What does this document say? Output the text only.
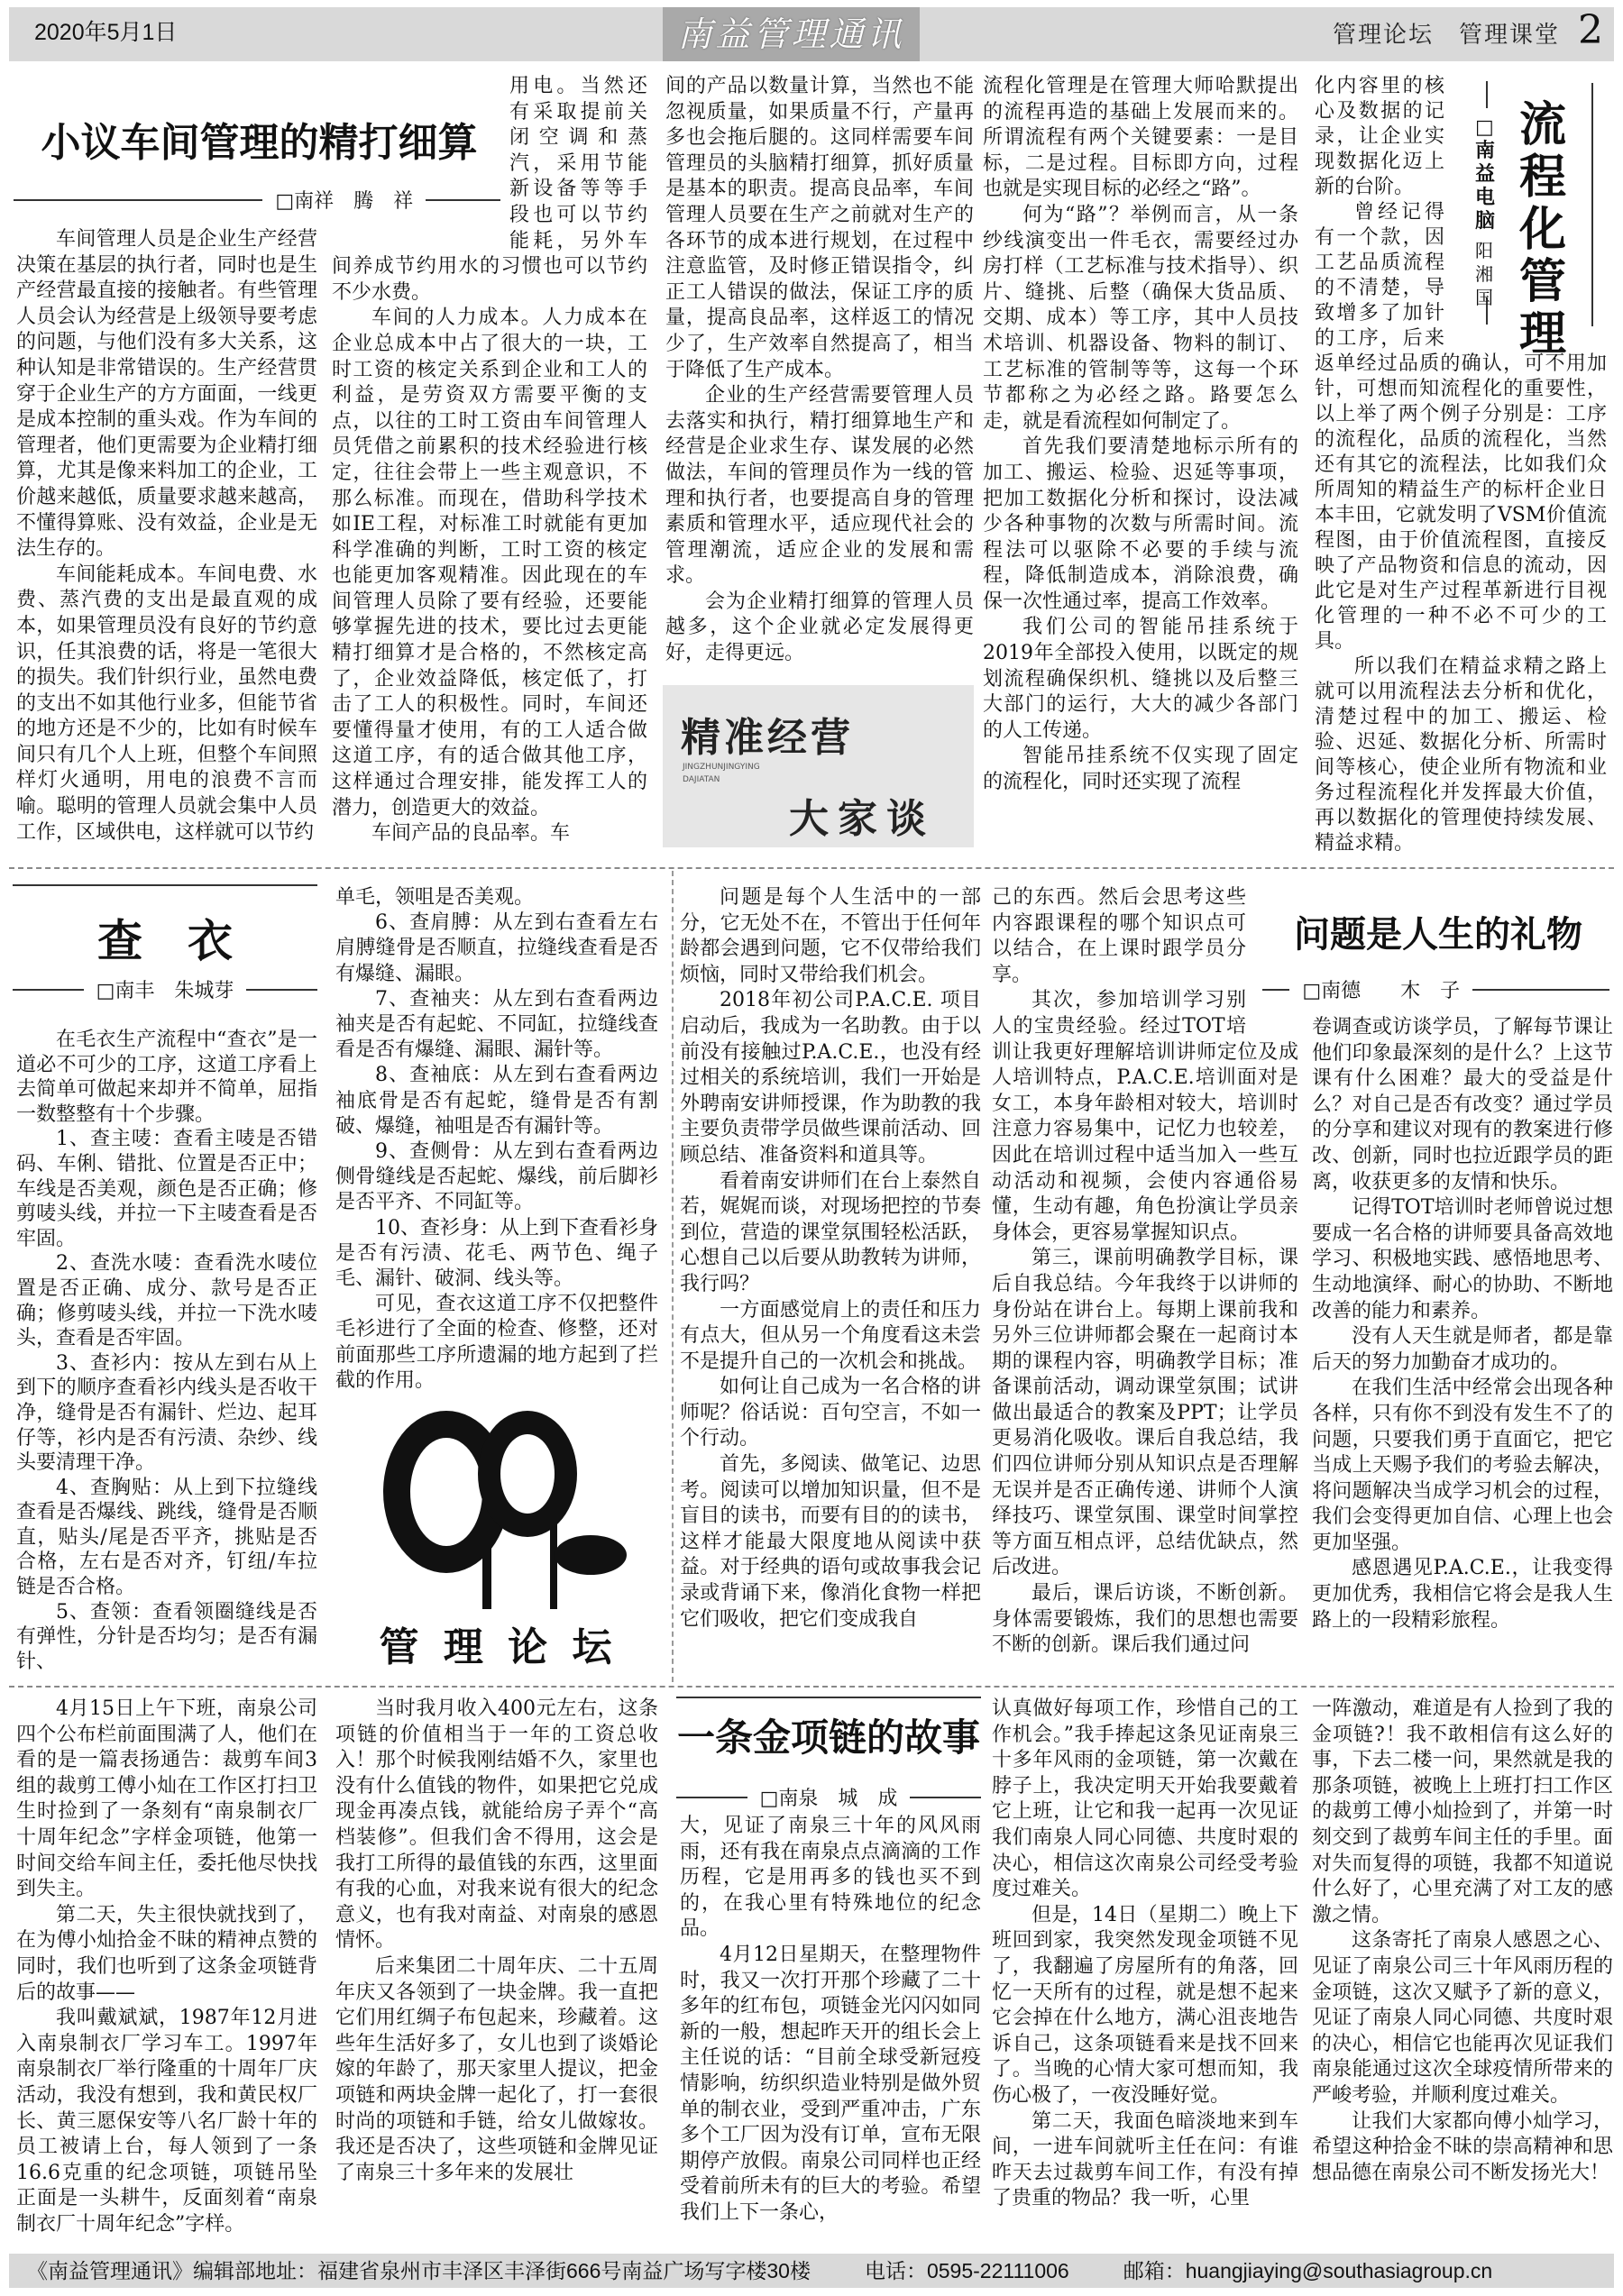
2020年5月1日	南益管理通讯	管理论坛　管理课堂 2
小议车间管理的精打细算
□南祥　腾　祥

车间管理人员是企业生产经营决策在基层的执行者，同时也是生产经营最直接的接触者。有些管理人员会认为经营是上级领导要考虑的问题，与他们没有多大关系，这种认知是非常错误的。生产经营贯穿于企业生产的方方面面，一线更是成本控制的重头戏。作为车间的管理者，他们更需要为企业精打细算，尤其是像来料加工的企业，工价越来越低，质量要求越来越高，不懂得算账、没有效益，企业是无法生存的。

车间能耗成本。车间电费、水费、蒸汽费的支出是最直观的成本，如果管理员没有良好的节约意识，任其浪费的话，将是一笔很大的损失。我们针织行业，虽然电费的支出不如其他行业多，但能节省的地方还是不少的，比如有时候车间只有几个人上班，但整个车间照样灯火通明，用电的浪费不言而喻。聪明的管理人员就会集中人员工作，区域供电，这样就可以节约

用电。当然还有采取提前关闭空调和蒸汽，采用节能新设备等等手段也可以节约能耗，另外车间养成节约用水的习惯也可以节约不少水费。

车间的人力成本。人力成本在企业总成本中占了很大的一块，工时工资的核定关系到企业和工人的利益，是劳资双方需要平衡的支点，以往的工时工资由车间管理人员凭借之前累积的技术经验进行核定，往往会带上一些主观意识，不那么标准。而现在，借助科学技术如IE工程，对标准工时就能有更加科学准确的判断，工时工资的核定也能更加客观精准。因此现在的车间管理人员除了要有经验，还要能够掌握先进的技术，要比过去更能精打细算才是合格的，不然核定高了，企业效益降低，核定低了，打击了工人的积极性。同时，车间还要懂得量才使用，有的工人适合做这道工序，有的适合做其他工序，这样通过合理安排，能发挥工人的潜力，创造更大的效益。

车间产品的良品率。车

间的产品以数量计算，当然也不能忽视质量，如果质量不行，产量再多也会拖后腿的。这同样需要车间管理员的头脑精打细算，抓好质量是基本的职责。提高良品率，车间管理人员要在生产之前就对生产的各环节的成本进行规划，在过程中注意监管，及时修正错误指令，纠正工人错误的做法，保证工序的质量，提高良品率，这样返工的情况少了，生产效率自然提高了，相当于降低了生产成本。

企业的生产经营需要管理人员去落实和执行，精打细算地生产和经营是企业求生存、谋发展的必然做法，车间的管理员作为一线的管理和执行者，也要提高自身的管理素质和管理水平，适应现代社会的管理潮流，适应企业的发展和需求。

会为企业精打细算的管理人员越多，这个企业就必定发展得更好，走得更远。

精准经营
JINGZHUNJINGYING
DAJIATAN
大家谈

流程化管理是在管理大师哈默提出的流程再造的基础上发展而来的。所谓流程有两个关键要素：一是目标，二是过程。目标即方向，过程也就是实现目标的必经之“路”。

何为“路”？举例而言，从一条纱线演变出一件毛衣，需要经过办房打样（工艺标准与技术指导）、织片、缝挑、后整（确保大货品质、交期、成本）等工序，其中人员技术培训、机器设备、物料的制订、工艺标准的管制等等，这每一个环节都称之为必经之路。路要怎么走，就是看流程如何制定了。

首先我们要清楚地标示所有的加工、搬运、检验、迟延等事项，把加工数据化分析和探讨，设法减少各种事物的次数与所需时间。流程法可以驱除不必要的手续与流程，降低制造成本，消除浪费，确保一次性通过率，提高工作效率。

我们公司的智能吊挂系统于2019年全部投入使用，以既定的规划流程确保织机、缝挑以及后整三大部门的运行，大大的减少各部门的人工传递。

智能吊挂系统不仅实现了固定的流程化，同时还实现了流程

化内容里的核心及数据的记录，让企业实现数据化迈上新的台阶。

曾经记得有一个款，因工艺品质流程的不清楚，导致增多了加针的工序，后来返单经过品质的确认，可不用加针，可想而知流程化的重要性，以上举了两个例子分别是：工序的流程化，品质的流程化，当然还有其它的流程法，比如我们众所周知的精益生产的标杆企业日本丰田，它就发明了VSM价值流程图，由于价值流程图，直接反映了产品物资和信息的流动，因此它是对生产过程革新进行目视化管理的一种不必不可少的工具。

所以我们在精益求精之路上就可以用流程法去分析和优化，清楚过程中的加工、搬运、检验、迟延、数据化分析、所需时间等核心，使企业所有物流和业务过程流程化并发挥最大价值，再以数据化的管理使持续发展、精益求精。

□南益电脑
阳湘国
流程化管理
查　衣
□南丰　朱城芽

在毛衣生产流程中“查衣”是一道必不可少的工序，这道工序看上去简单可做起来却并不简单，屈指一数整整有十个步骤。

1、查主唛：查看主唛是否错码、车俐、错批、位置是否正中；车线是否美观，颜色是否正确；修剪唛头线，并拉一下主唛查看是否牢固。

2、查洗水唛：查看洗水唛位置是否正确、成分、款号是否正确；修剪唛头线，并拉一下洗水唛头，查看是否牢固。

3、查衫内：按从左到右从上到下的顺序查看衫内线头是否收干净，缝骨是否有漏针、烂边、起耳仔等，衫内是否有污渍、杂纱、线头要清理干净。

4、查胸贴：从上到下拉缝线查看是否爆线、跳线，缝骨是否顺直，贴头/尾是否平齐，挑贴是否合格，左右是否对齐，钉纽/车拉链是否合格。

5、查领：查看领圈缝线是否有弹性，分针是否均匀；是否有漏针、

单毛，领咀是否美观。

6、查肩膊：从左到右查看左右肩膊缝骨是否顺直，拉缝线查看是否有爆缝、漏眼。

7、查袖夹：从左到右查看两边袖夹是否有起蛇、不同缸，拉缝线查看是否有爆缝、漏眼、漏针等。

8、查袖底：从左到右查看两边袖底骨是否有起蛇，缝骨是否有割破、爆缝，袖咀是否有漏针等。

9、查侧骨：从左到右查看两边侧骨缝线是否起蛇、爆线，前后脚衫是否平齐、不同缸等。

10、查衫身：从上到下查看衫身是否有污渍、花毛、两节色、绳子毛、漏针、破洞、线头等。

可见，查衣这道工序不仅把整件毛衫进行了全面的检查、修整，还对前面那些工序所遗漏的地方起到了拦截的作用。

管 理 论 坛

问题是每个人生活中的一部分，它无处不在，不管出于任何年龄都会遇到问题，它不仅带给我们烦恼，同时又带给我们机会。

2018年初公司P.A.C.E. 项目启动后，我成为一名助教。由于以前没有接触过P.A.C.E.，也没有经过相关的系统培训，我们一开始是外聘南安讲师授课，作为助教的我主要负责带学员做些课前活动、回顾总结、准备资料和道具等。

看着南安讲师们在台上泰然自若，娓娓而谈，对现场把控的节奏到位，营造的课堂氛围轻松活跃，心想自己以后要从助教转为讲师，我行吗？

一方面感觉肩上的责任和压力有点大，但从另一个角度看这未尝不是提升自己的一次机会和挑战。

如何让自己成为一名合格的讲师呢？俗话说：百句空言，不如一个行动。

首先，多阅读、做笔记、边思考。阅读可以增加知识量，但不是盲目的读书，而要有目的的读书，这样才能最大限度地从阅读中获益。对于经典的语句或故事我会记录或背诵下来，像消化食物一样把它们吸收，把它们变成我自

己的东西。然后会思考这些内容跟课程的哪个知识点可以结合，在上课时跟学员分享。

其次，参加培训学习别人的宝贵经验。经过TOT培训让我更好理解培训讲师定位及成人培训特点，P.A.C.E.培训面对是女工，本身年龄相对较大，培训时注意力容易集中，记忆力也较差，因此在培训过程中适当加入一些互动活动和视频，会使内容通俗易懂，生动有趣，角色扮演让学员亲身体会，更容易掌握知识点。

第三，课前明确教学目标，课后自我总结。今年我终于以讲师的身份站在讲台上。每期上课前我和另外三位讲师都会聚在一起商讨本期的课程内容，明确教学目标；准备课前活动，调动课堂氛围；试讲做出最适合的教案及PPT；让学员更易消化吸收。课后自我总结，我们四位讲师分别从知识点是否理解无误并是否正确传递、讲师个人演绎技巧、课堂氛围、课堂时间掌控等方面互相点评，总结优缺点，然后改进。

最后，课后访谈，不断创新。身体需要锻炼，我们的思想也需要不断的创新。课后我们通过问

问题是人生的礼物
□南德　　木　子

卷调查或访谈学员，了解每节课让他们印象最深刻的是什么？上这节课有什么困难？最大的受益是什么？对自己是否有改变？通过学员的分享和建议对现有的教案进行修改、创新，同时也拉近跟学员的距离，收获更多的友情和快乐。

记得TOT培训时老师曾说过想要成一名合格的讲师要具备高效地学习、积极地实践、感悟地思考、生动地演绎、耐心的协助、不断地改善的能力和素养。

没有人天生就是师者，都是靠后天的努力加勤奋才成功的。

在我们生活中经常会出现各种各样，只有你不到没有发生不了的问题，只要我们勇于直面它，把它当成上天赐予我们的考验去解决，将问题解决当成学习机会的过程，我们会变得更加自信、心理上也会更加坚强。

感恩遇见P.A.C.E.，让我变得更加优秀，我相信它将会是我人生路上的一段精彩旅程。

4月15日上午下班，南泉公司四个公布栏前面围满了人，他们在看的是一篇表扬通告：裁剪车间3组的裁剪工傅小灿在工作区打扫卫生时捡到了一条刻有“南泉制衣厂十周年纪念”字样金项链，他第一时间交给车间主任，委托他尽快找到失主。

第二天，失主很快就找到了，在为傅小灿拾金不昧的精神点赞的同时，我们也听到了这条金项链背后的故事——

我叫戴斌斌，1987年12月进入南泉制衣厂学习车工。1997年南泉制衣厂举行隆重的十周年厂庆活动，我没有想到，我和黄民权厂长、黄三愿保安等八名厂龄十年的员工被请上台，每人领到了一条16.6克重的纪念项链，项链吊坠正面是一头耕牛，反面刻着“南泉制衣厂十周年纪念”字样。

当时我月收入400元左右，这条项链的价值相当于一年的工资总收入！那个时候我刚结婚不久，家里也没有什么值钱的物件，如果把它兑成现金再凑点钱，就能给房子弄个“高档装修”。但我们舍不得用，这会是我打工所得的最值钱的东西，这里面有我的心血，对我来说有很大的纪念意义，也有我对南益、对南泉的感恩情怀。

后来集团二十周年庆、二十五周年庆又各领到了一块金牌。我一直把它们用红绸子布包起来，珍藏着。这些年生活好多了，女儿也到了谈婚论嫁的年龄了，那天家里人提议，把金项链和两块金牌一起化了，打一套很时尚的项链和手链，给女儿做嫁妆。我还是否决了，这些项链和金牌见证了南泉三十多年来的发展壮

一条金项链的故事
□南泉　城　成

大，见证了南泉三十年的风风雨雨，还有我在南泉点点滴滴的工作历程，它是用再多的钱也买不到的，在我心里有特殊地位的纪念品。

4月12日星期天，在整理物件时，我又一次打开那个珍藏了二十多年的红布包，项链金光闪闪如同新的一般，想起昨天开的组长会上主任说的话：“目前全球受新冠疫情影响，纺织织造业特别是做外贸单的制衣业，受到严重冲击，广东多个工厂因为没有订单，宣布无限期停产放假。南泉公司同样也正经受着前所未有的巨大的考验。希望我们上下一条心，

认真做好每项工作，珍惜自己的工作机会。”我手捧起这条见证南泉三十多年风雨的金项链，第一次戴在脖子上，我决定明天开始我要戴着它上班，让它和我一起再一次见证我们南泉人同心同德、共度时艰的决心，相信这次南泉公司经受考验度过难关。

但是，14日（星期二）晚上下班回到家，我突然发现金项链不见了，我翻遍了房屋所有的角落，回忆一天所有的过程，就是想不起来它会掉在什么地方，满心沮丧地告诉自己，这条项链看来是找不回来了。当晚的心情大家可想而知，我伤心极了，一夜没睡好觉。

第二天，我面色暗淡地来到车间，一进车间就听主任在问：有谁昨天去过裁剪车间工作，有没有掉了贵重的物品？我一听，心里

一阵激动，难道是有人捡到了我的金项链?！我不敢相信有这么好的事，下去二楼一问，果然就是我的那条项链，被晚上上班打扫工作区的裁剪工傅小灿捡到了，并第一时刻交到了裁剪车间主任的手里。面对失而复得的项链，我都不知道说什么好了，心里充满了对工友的感激之情。

这条寄托了南泉人感恩之心、见证了南泉公司三十年风雨历程的金项链，这次又赋予了新的意义，见证了南泉人同心同德、共度时艰的决心，相信它也能再次见证我们南泉能通过这次全球疫情所带来的严峻考验，并顺利度过难关。

让我们大家都向傅小灿学习，希望这种拾金不昧的崇高精神和思想品德在南泉公司不断发扬光大！

《南益管理通讯》编辑部地址：福建省泉州市丰泽区丰泽街666号南益广场写字楼30楼	电话：0595-22111006	邮箱：huangjiaying@southasiagroup.cn
